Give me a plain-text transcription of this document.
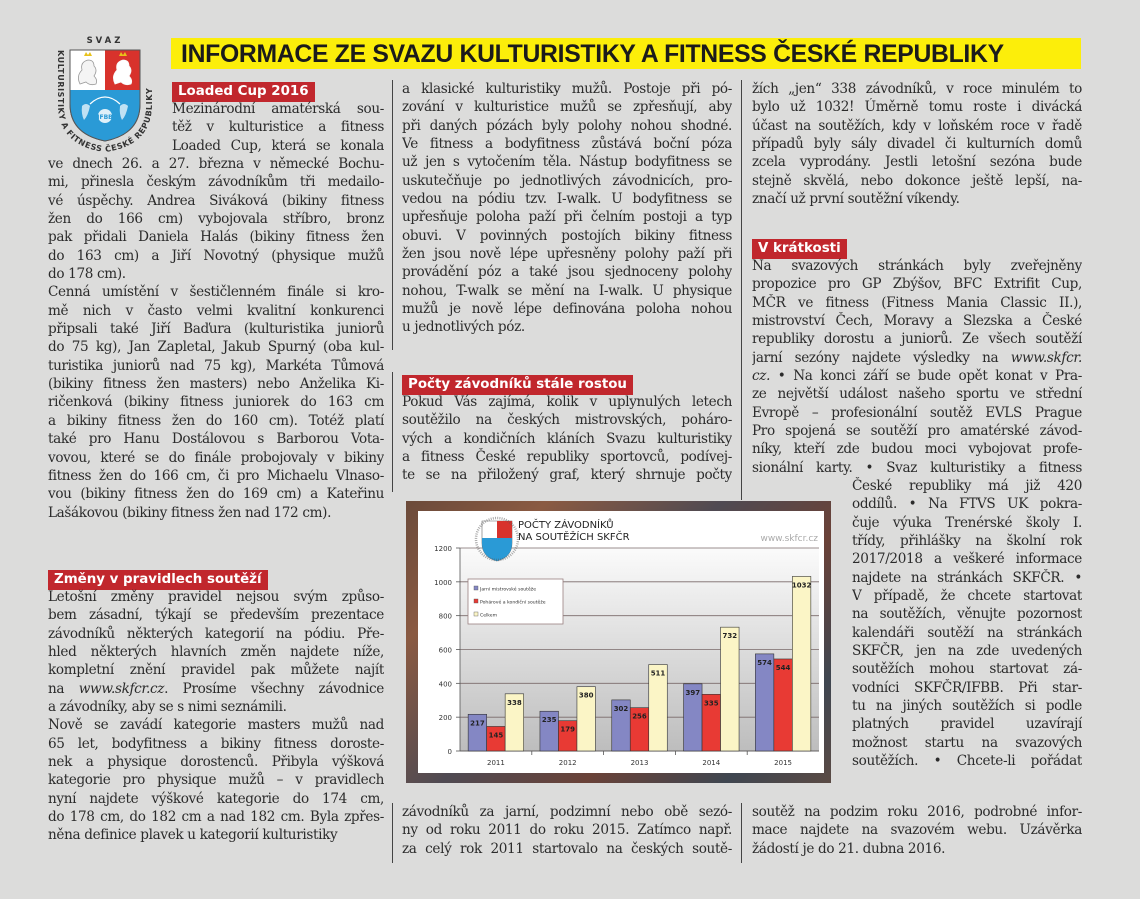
SVAZ
KULTURISTIKY A FITNESS ČESKÉ REPUBLIKY
IFBB
INFORMACE ZE SVAZU KULTURISTIKY A FITNESS ČESKÉ REPUBLIKY
Loaded Cup 2016
Mezinárodní amatérská sou-
těž v kulturistice a fitness
Loaded Cup, která se konala
ve dnech 26. a 27. března v německé Bochu-
mi, přinesla českým závodníkům tři medailo-
vé úspěchy. Andrea Siváková (bikiny fitness
žen do 166 cm) vybojovala stříbro, bronz
pak přidali Daniela Halás (bikiny fitness žen
do 163 cm) a Jiří Novotný (physique mužů
do 178 cm).
Cenná umístění v šestičlenném finále si kro-
mě nich v často velmi kvalitní konkurenci
připsali také Jiří Baďura (kulturistika juniorů
do 75 kg), Jan Zapletal, Jakub Spurný (oba kul-
turistika juniorů nad 75 kg), Markéta Tůmová
(bikiny fitness žen masters) nebo Anželika Ki-
ričenková (bikiny fitness juniorek do 163 cm
a bikiny fitness žen do 160 cm). Totéž platí
také pro Hanu Dostálovou s Barborou Vota-
vovou, které se do finále probojovaly v bikiny
fitness žen do 166 cm, či pro Michaelu Vlnaso-
vou (bikiny fitness žen do 169 cm) a Kateřinu
Lašákovou (bikiny fitness žen nad 172 cm).
Změny v pravidlech soutěží
Letošní změny pravidel nejsou svým způso-
bem zásadní, týkají se především prezentace
závodníků některých kategorií na pódiu. Pře-
hled některých hlavních změn najdete níže,
kompletní znění pravidel pak můžete najít
na www.skfcr.cz. Prosíme všechny závodnice
a závodníky, aby se s nimi seznámili.
Nově se zavádí kategorie masters mužů nad
65 let, bodyfitness a bikiny fitness doroste-
nek a physique dorostenců. Přibyla výšková
kategorie pro physique mužů – v pravidlech
nyní najdete výškové kategorie do 174 cm,
do 178 cm, do 182 cm a nad 182 cm. Byla zpřes-
něna definice plavek u kategorií kulturistiky
a klasické kulturistiky mužů. Postoje při pó-
zování v kulturistice mužů se zpřesňují, aby
při daných pózách byly polohy nohou shodné.
Ve fitness a bodyfitness zůstává boční póza
už jen s vytočením těla. Nástup bodyfitness se
uskutečňuje po jednotlivých závodnicích, pro-
vedou na pódiu tzv. I-walk. U bodyfitness se
upřesňuje poloha paží při čelním postoji a typ
obuvi. V povinných postojích bikiny fitness
žen jsou nově lépe upřesněny polohy paží při
provádění póz a také jsou sjednoceny polohy
nohou, T-walk se mění na I-walk. U physique
mužů je nově lépe definována poloha nohou
u jednotlivých póz.
Počty závodníků stále rostou
Pokud Vás zajímá, kolik v uplynulých letech
soutěžilo na českých mistrovských, poháro-
vých a kondičních kláních Svazu kulturistiky
a fitness České republiky sportovců, podívej-
te se na přiložený graf, který shrnuje počty
0
200
400
600
800
1000
1200
217
145
338
2011
235
179
380
2012
302
256
511
2013
397
335
732
2014
574
544
1032
2015
Jarní mistrovské soutěže
Pohárové a kondiční soutěže
Celkem
POČTY ZÁVODNÍKŮ
NA SOUTĚŽÍCH SKFČR	www.skfcr.cz
závodníků za jarní, podzimní nebo obě sezó-
ny od roku 2011 do roku 2015. Zatímco např.
za celý rok 2011 startovalo na českých soutě-
žích „jen“ 338 závodníků, v roce minulém to
bylo už 1032! Úměrně tomu roste i divácká
účast na soutěžích, kdy v loňském roce v řadě
případů byly sály divadel či kulturních domů
zcela vyprodány. Jestli letošní sezóna bude
stejně skvělá, nebo dokonce ještě lepší, na-
značí už první soutěžní víkendy.
V krátkosti
Na svazových stránkách byly zveřejněny
propozice pro GP Zbýšov, BFC Extrifit Cup,
MČR ve fitness (Fitness Mania Classic II.),
mistrovství Čech, Moravy a Slezska a České
republiky dorostu a juniorů. Ze všech soutěží
jarní sezóny najdete výsledky na www.skfcr.
cz. • Na konci září se bude opět konat v Pra-
ze největší událost našeho sportu ve střední
Evropě – profesionální soutěž EVLS Prague
Pro spojená se soutěží pro amatérské závod-
níky, kteří zde budou moci vybojovat profe-
sionální karty. • Svaz kulturistiky a fitness
České republiky má již 420
oddílů. • Na FTVS UK pokra-
čuje výuka Trenérské školy I.
třídy, přihlášky na školní rok
2017/2018 a veškeré informace
najdete na stránkách SKFČR. •
V případě, že chcete startovat
na soutěžích, věnujte pozornost
kalendáři soutěží na stránkách
SKFČR, jen na zde uvedených
soutěžích mohou startovat zá-
vodníci SKFČR/IFBB. Při star-
tu na jiných soutěžích si podle
platných pravidel uzavírají
možnost startu na svazových
soutěžích. • Chcete-li pořádat
soutěž na podzim roku 2016, podrobné infor-
mace najdete na svazovém webu. Uzávěrka
žádostí je do 21. dubna 2016.
